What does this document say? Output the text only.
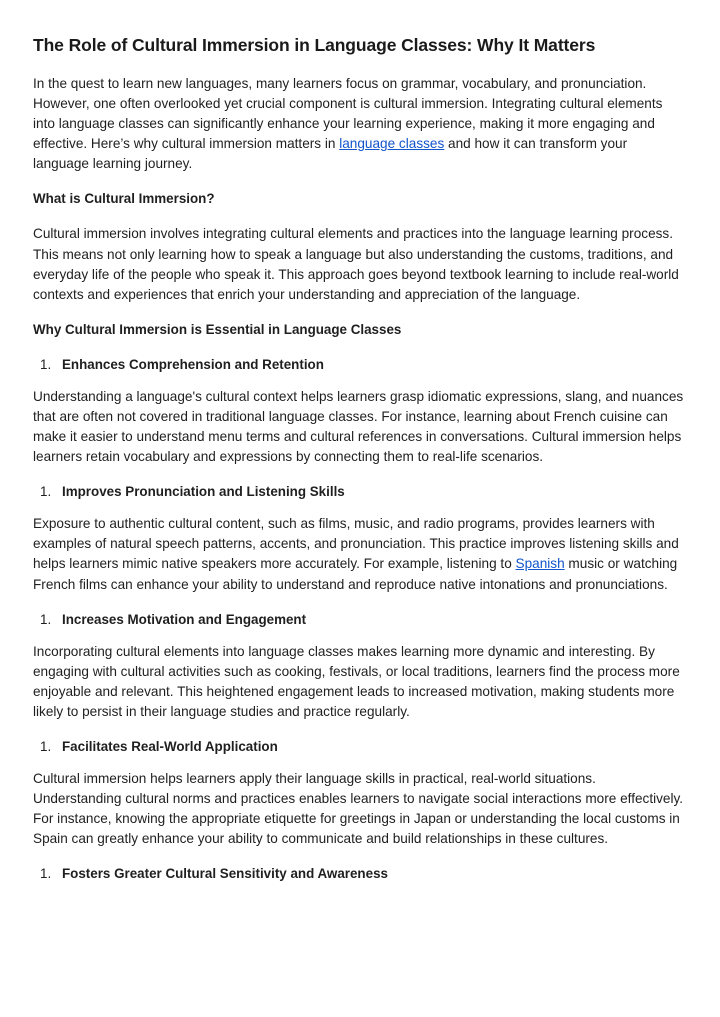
The Role of Cultural Immersion in Language Classes: Why It Matters

In the quest to learn new languages, many learners focus on grammar, vocabulary, and pronunciation. However, one often overlooked yet crucial component is cultural immersion. Integrating cultural elements into language classes can significantly enhance your learning experience, making it more engaging and effective. Here’s why cultural immersion matters in language classes and how it can transform your language learning journey.

What is Cultural Immersion?

Cultural immersion involves integrating cultural elements and practices into the language learning process. This means not only learning how to speak a language but also understanding the customs, traditions, and everyday life of the people who speak it. This approach goes beyond textbook learning to include real-world contexts and experiences that enrich your understanding and appreciation of the language.

Why Cultural Immersion is Essential in Language Classes
1. Enhances Comprehension and Retention

Understanding a language's cultural context helps learners grasp idiomatic expressions, slang, and nuances that are often not covered in traditional language classes. For instance, learning about French cuisine can make it easier to understand menu terms and cultural references in conversations. Cultural immersion helps learners retain vocabulary and expressions by connecting them to real-life scenarios.

1. Improves Pronunciation and Listening Skills

Exposure to authentic cultural content, such as films, music, and radio programs, provides learners with examples of natural speech patterns, accents, and pronunciation. This practice improves listening skills and helps learners mimic native speakers more accurately. For example, listening to Spanish music or watching French films can enhance your ability to understand and reproduce native intonations and pronunciations.

1. Increases Motivation and Engagement

Incorporating cultural elements into language classes makes learning more dynamic and interesting. By engaging with cultural activities such as cooking, festivals, or local traditions, learners find the process more enjoyable and relevant. This heightened engagement leads to increased motivation, making students more likely to persist in their language studies and practice regularly.

1. Facilitates Real-World Application

Cultural immersion helps learners apply their language skills in practical, real-world situations. Understanding cultural norms and practices enables learners to navigate social interactions more effectively. For instance, knowing the appropriate etiquette for greetings in Japan or understanding the local customs in Spain can greatly enhance your ability to communicate and build relationships in these cultures.

1. Fosters Greater Cultural Sensitivity and Awareness
